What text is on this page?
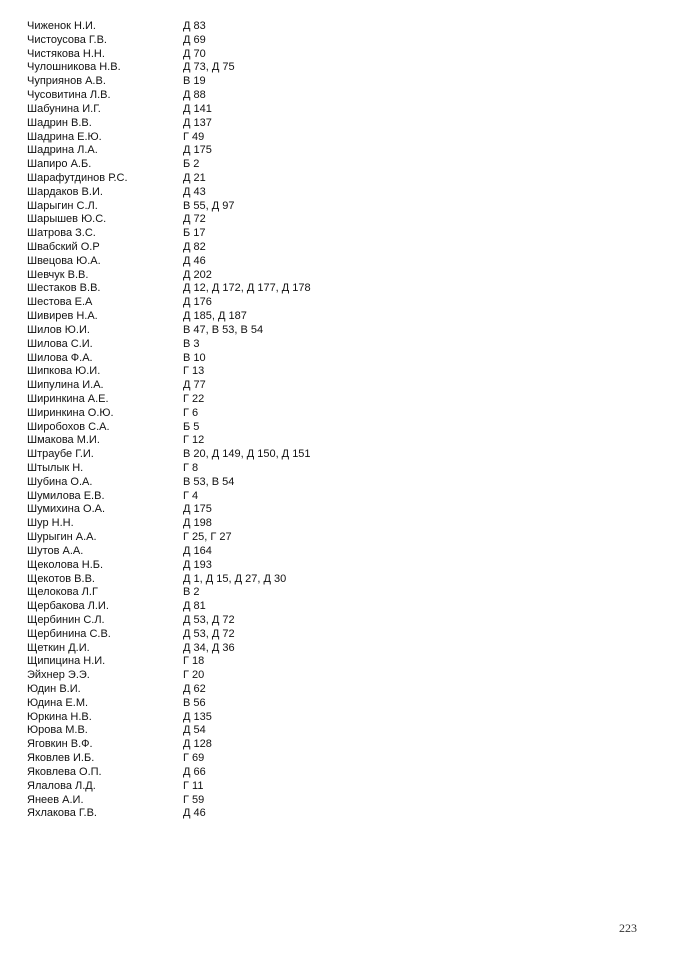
Чиженок Н.И.	Д 83
Чистоусова Г.В.	Д 69
Чистякова Н.Н.	Д 70
Чулошникова Н.В.	Д 73, Д 75
Чуприянов А.В.	В 19
Чусовитина Л.В.	Д 88
Шабунина И.Г.	Д 141
Шадрин В.В.	Д 137
Шадрина Е.Ю.	Г 49
Шадрина Л.А.	Д 175
Шапиро А.Б.	Б 2
Шарафутдинов Р.С.	Д 21
Шардаков В.И.	Д 43
Шарыгин С.Л.	В 55, Д 97
Шарышев Ю.С.	Д 72
Шатрова З.С.	Б 17
Швабский О.Р	Д 82
Швецова Ю.А.	Д 46
Шевчук В.В.	Д 202
Шестаков В.В.	Д 12, Д 172, Д 177, Д 178
Шестова Е.А	Д 176
Шивирев Н.А.	Д 185, Д 187
Шилов Ю.И.	В 47, В 53, В 54
Шилова С.И.	В 3
Шилова Ф.А.	В 10
Шипкова Ю.И.	Г 13
Шипулина И.А.	Д 77
Ширинкина А.Е.	Г 22
Ширинкина О.Ю.	Г 6
Широбохов С.А.	Б 5
Шмакова М.И.	Г 12
Штраубе Г.И.	В 20, Д 149, Д 150, Д 151
Штылык Н.	Г 8
Шубина О.А.	В 53, В 54
Шумилова Е.В.	Г 4
Шумихина О.А.	Д 175
Шур Н.Н.	Д 198
Шурыгин А.А.	Г 25, Г 27
Шутов А.А.	Д 164
Щеколова Н.Б.	Д 193
Щекотов В.В.	Д 1, Д 15, Д 27, Д 30
Щелокова Л.Г	В 2
Щербакова Л.И.	Д 81
Щербинин С.Л.	Д 53, Д 72
Щербинина С.В.	Д 53, Д 72
Щеткин Д.И.	Д 34, Д 36
Щипицина Н.И.	Г 18
Эйхнер Э.Э.	Г 20
Юдин В.И.	Д 62
Юдина Е.М.	В 56
Юркина Н.В.	Д 135
Юрова М.В.	Д 54
Яговкин В.Ф.	Д 128
Яковлев И.Б.	Г 69
Яковлева О.П.	Д 66
Ялалова Л.Д.	Г 11
Янеев А.И.	Г 59
Яхлакова Г.В.	Д 46
223
